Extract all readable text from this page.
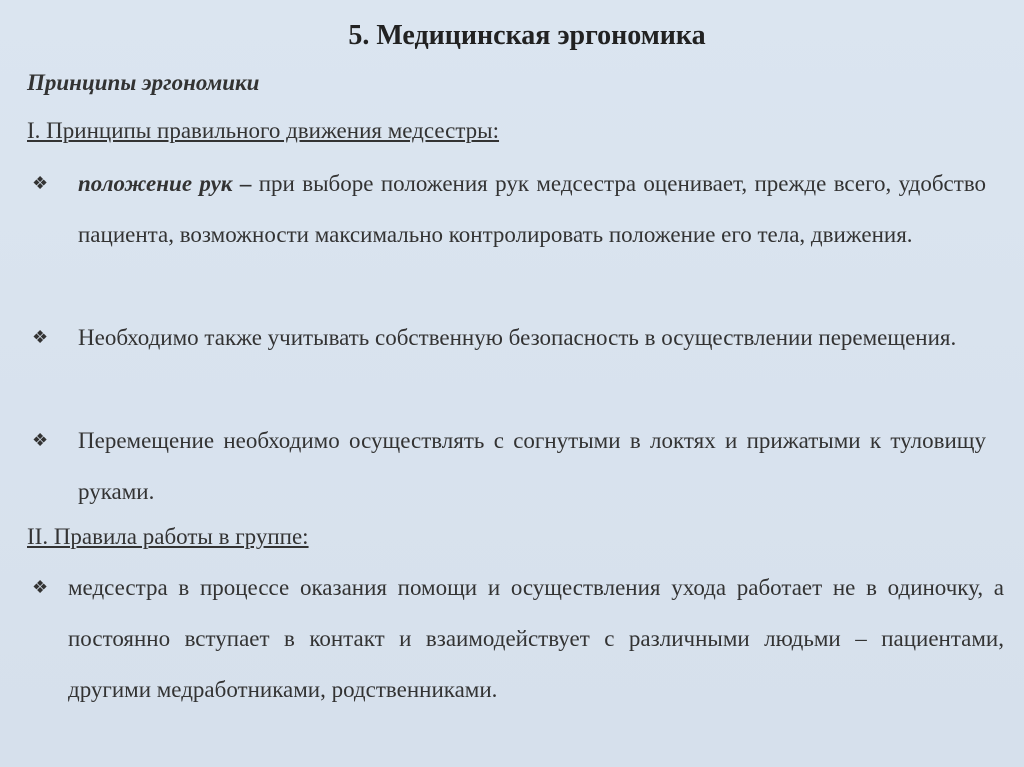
5. Медицинская эргономика
Принципы эргономики
I. Принципы правильного движения медсестры:
❖ положение рук – при выборе положения рук медсестра оценивает, прежде всего, удобство пациента, возможности максимально контролировать положение его тела, движения.
❖ Необходимо также учитывать собственную безопасность в осуществлении перемещения.
❖ Перемещение необходимо осуществлять с согнутыми в локтях и прижатыми к туловищу руками.
II. Правила работы в группе:
❖ медсестра в процессе оказания помощи и осуществления ухода работает не в одиночку, а постоянно вступает в контакт и взаимодействует с различными людьми – пациентами, другими медработниками, родственниками.
